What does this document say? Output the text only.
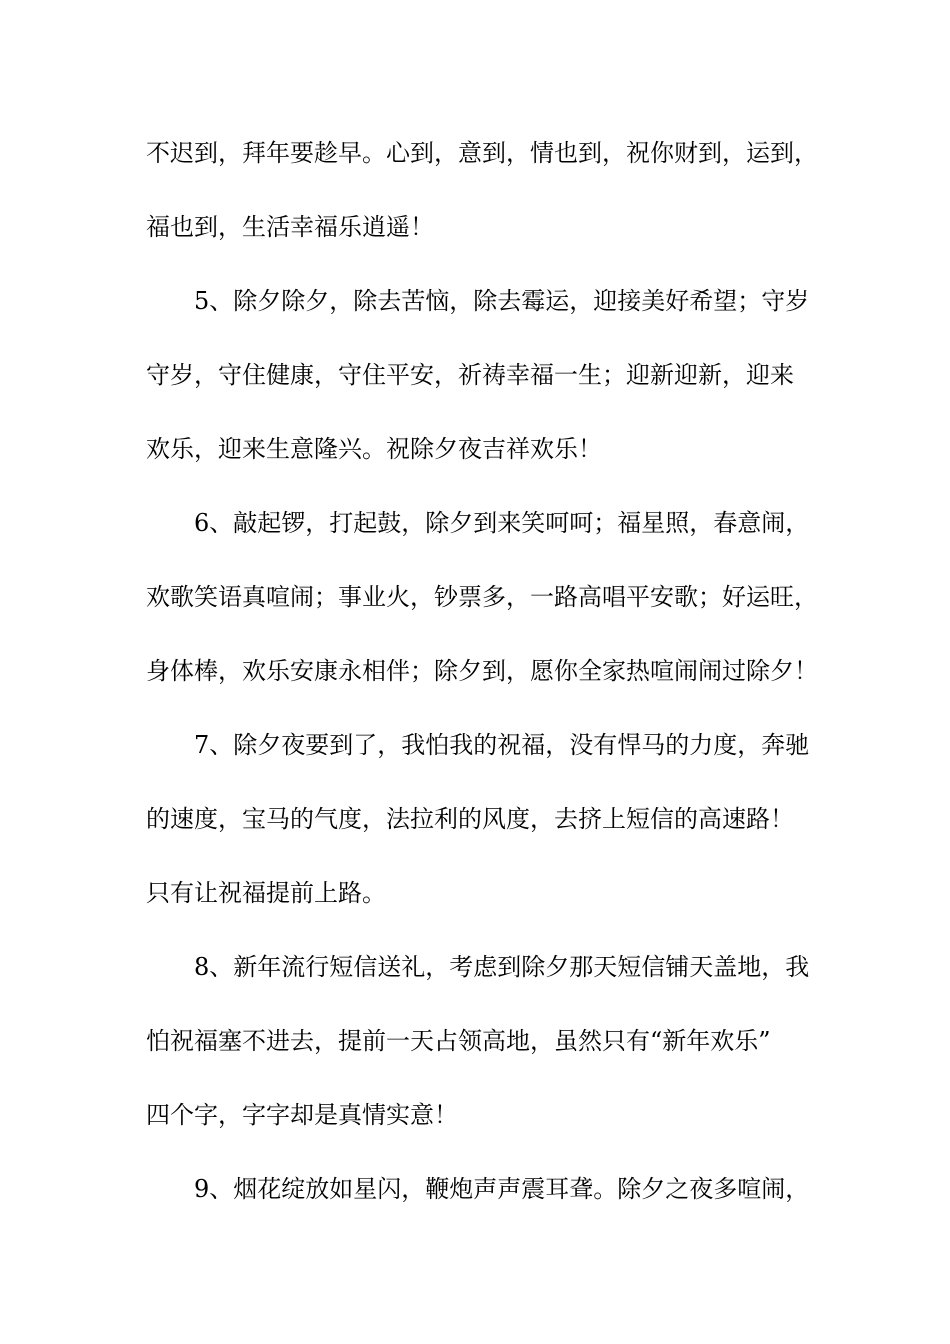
不迟到，拜年要趁早。心到，意到，情也到，祝你财到，运到，
福也到，生活幸福乐逍遥！
5、除夕除夕，除去苦恼，除去霉运，迎接美好希望；守岁
守岁，守住健康，守住平安，祈祷幸福一生；迎新迎新，迎来
欢乐，迎来生意隆兴。祝除夕夜吉祥欢乐！
6、敲起锣，打起鼓，除夕到来笑呵呵；福星照，春意闹，
欢歌笑语真喧闹；事业火，钞票多，一路高唱平安歌；好运旺，
身体棒，欢乐安康永相伴；除夕到，愿你全家热喧闹闹过除夕！
7、除夕夜要到了，我怕我的祝福，没有悍马的力度，奔驰
的速度，宝马的气度，法拉利的风度，去挤上短信的高速路！
只有让祝福提前上路。
8、新年流行短信送礼，考虑到除夕那天短信铺天盖地，我
怕祝福塞不进去，提前一天占领高地，虽然只有“新年欢乐”
四个字，字字却是真情实意！
9、烟花绽放如星闪，鞭炮声声震耳聋。除夕之夜多喧闹，
